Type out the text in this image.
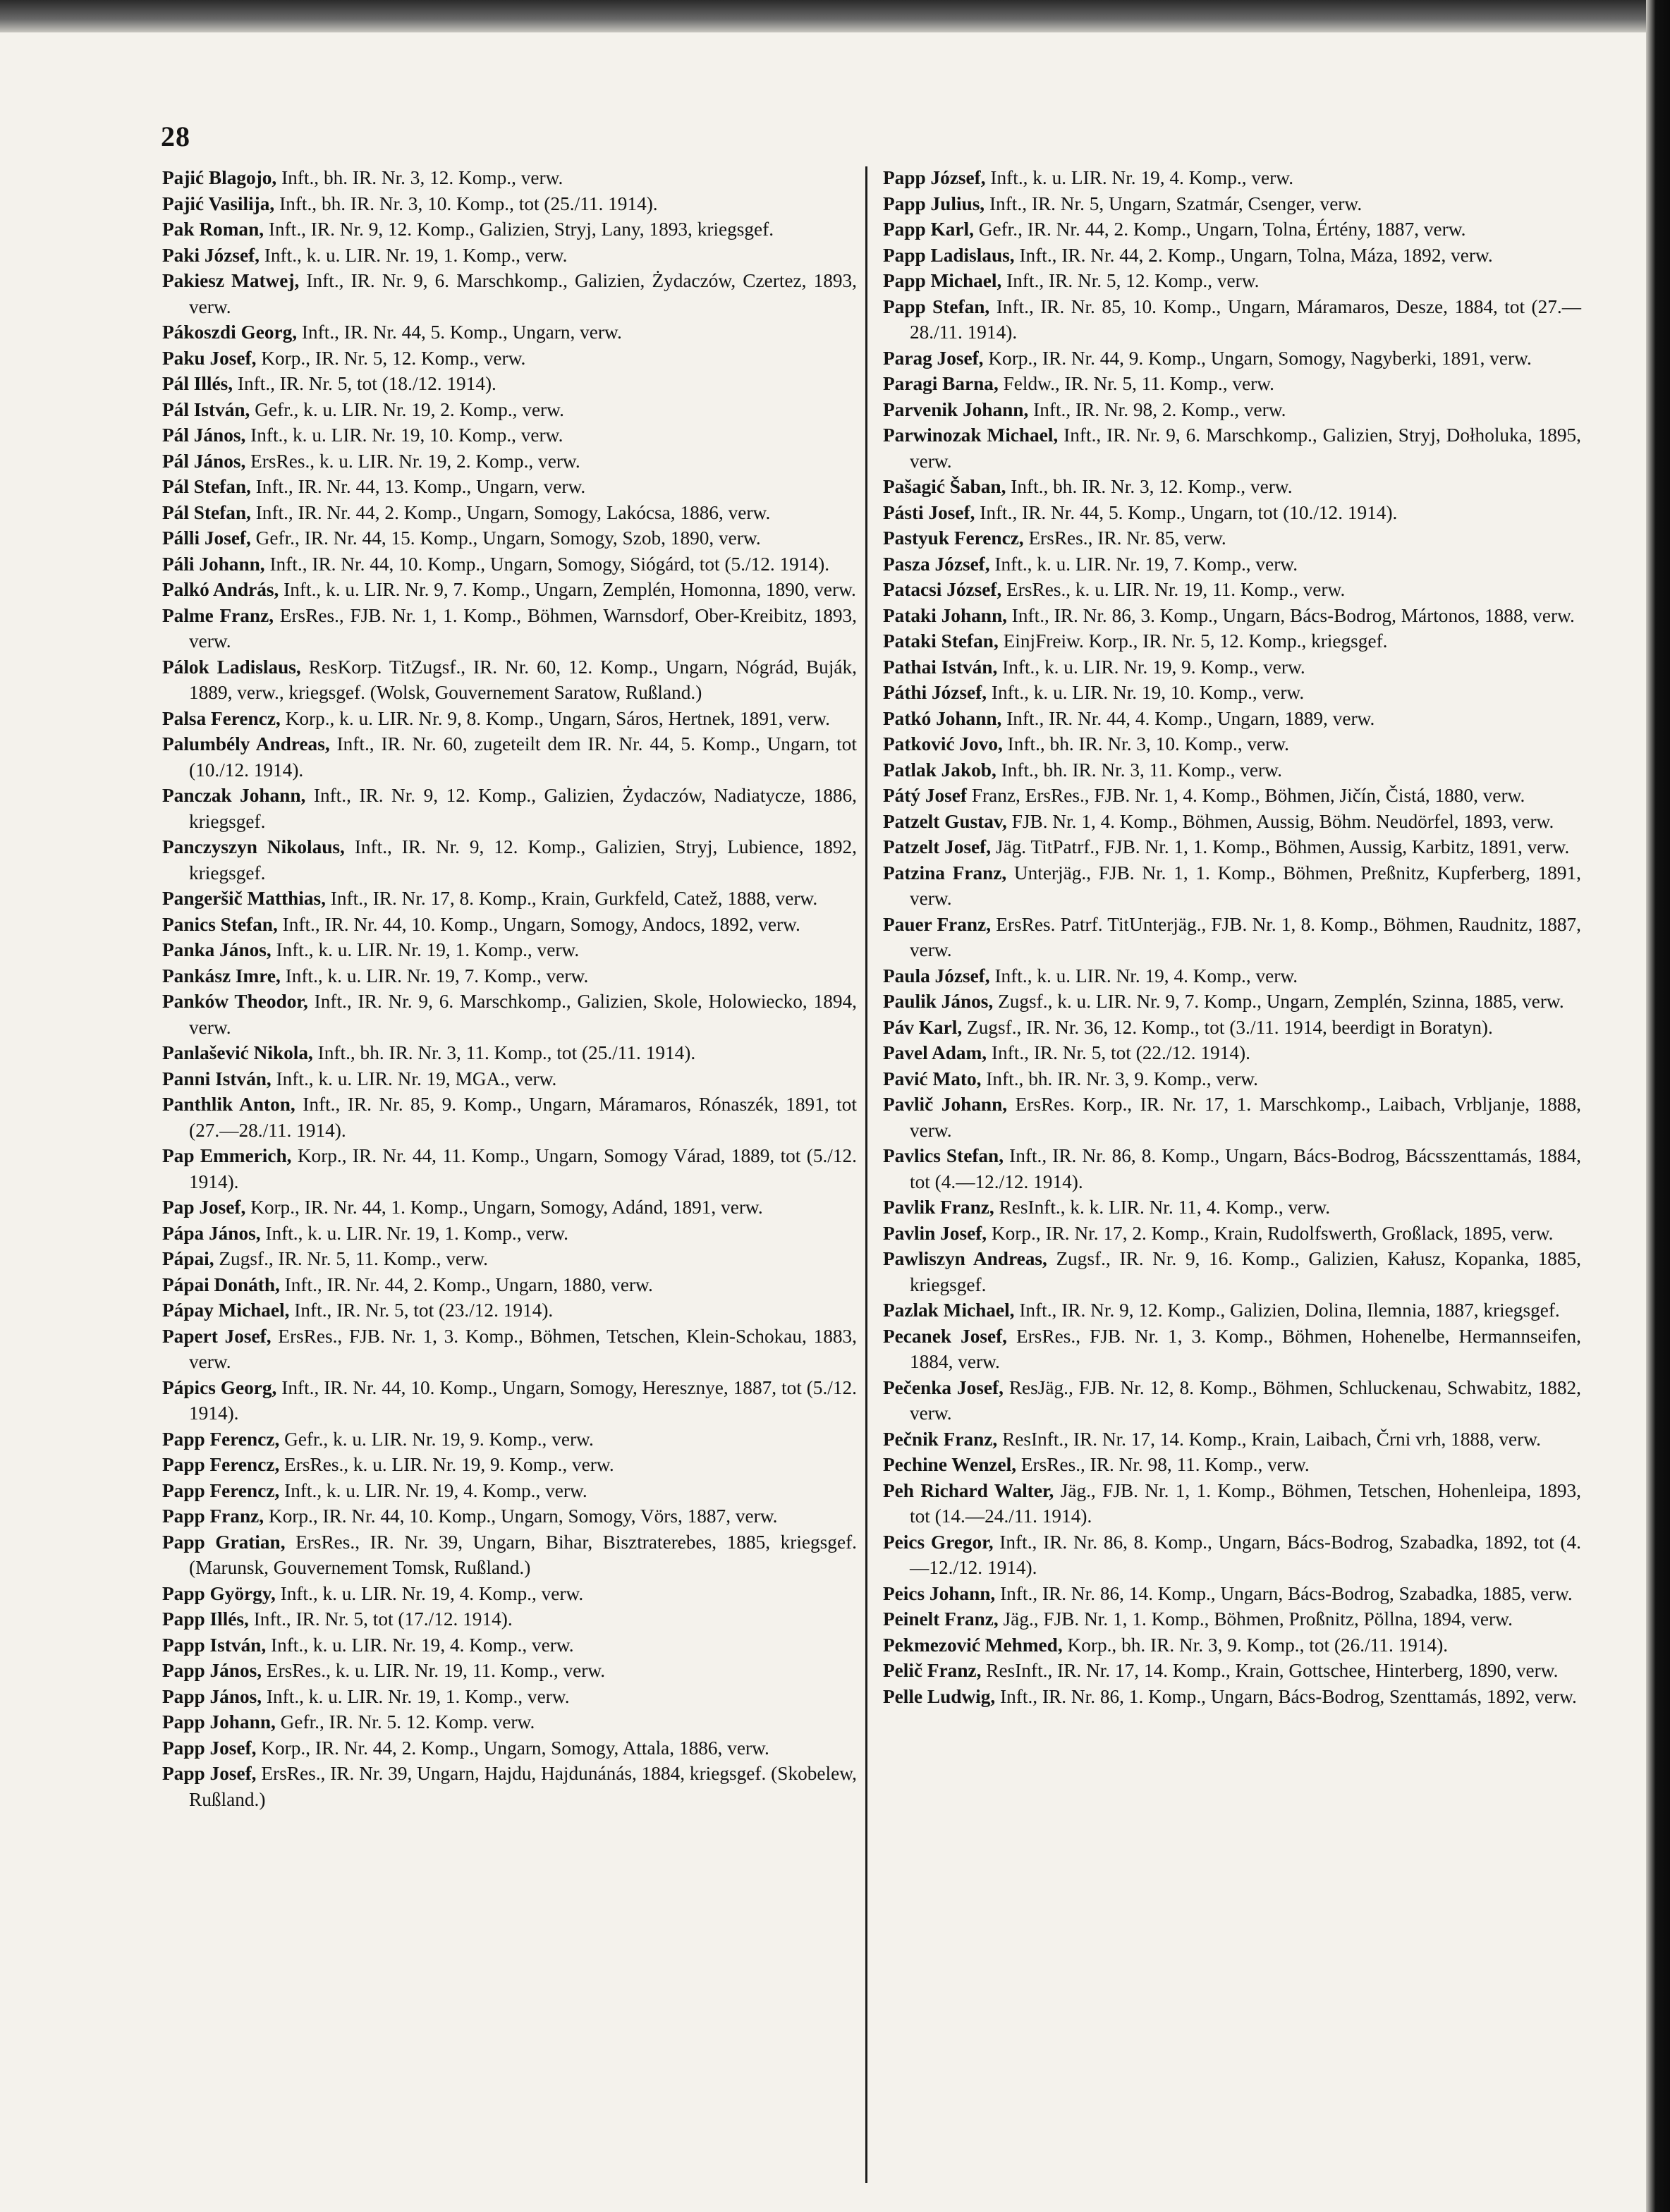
28
Pajić Blagojo, Inft., bh. IR. Nr. 3, 12. Komp., verw.
Pajić Vasilija, Inft., bh. IR. Nr. 3, 10. Komp., tot (25./11. 1914).
Pak Roman, Inft., IR. Nr. 9, 12. Komp., Galizien, Stryj, Lany, 1893, kriegsgef.
Paki József, Inft., k. u. LIR. Nr. 19, 1. Komp., verw.
Pakiesz Matwej, Inft., IR. Nr. 9, 6. Marschkomp., Galizien, Żydaczów, Czertez, 1893, verw.
Pákoszdi Georg, Inft., IR. Nr. 44, 5. Komp., Ungarn, verw.
Paku Josef, Korp., IR. Nr. 5, 12. Komp., verw.
Pál Illés, Inft., IR. Nr. 5, tot (18./12. 1914).
Pál István, Gefr., k. u. LIR. Nr. 19, 2. Komp., verw.
Pál János, Inft., k. u. LIR. Nr. 19, 10. Komp., verw.
Pál János, ErsRes., k. u. LIR. Nr. 19, 2. Komp., verw.
Pál Stefan, Inft., IR. Nr. 44, 13. Komp., Ungarn, verw.
Pál Stefan, Inft., IR. Nr. 44, 2. Komp., Ungarn, Somogy, Lakócsa, 1886, verw.
Pálli Josef, Gefr., IR. Nr. 44, 15. Komp., Ungarn, Somogy, Szob, 1890, verw.
Páli Johann, Inft., IR. Nr. 44, 10. Komp., Ungarn, Somogy, Siógárd, tot (5./12. 1914).
Palkó András, Inft., k. u. LIR. Nr. 9, 7. Komp., Ungarn, Zemplén, Homonna, 1890, verw.
Palme Franz, ErsRes., FJB. Nr. 1, 1. Komp., Böhmen, Warnsdorf, Ober-Kreibitz, 1893, verw.
Pálok Ladislaus, ResKorp. TitZugsf., IR. Nr. 60, 12. Komp., Ungarn, Nógrád, Buják, 1889, verw., kriegsgef. (Wolsk, Gouvernement Saratow, Rußland.)
Palsa Ferencz, Korp., k. u. LIR. Nr. 9, 8. Komp., Ungarn, Sáros, Hertnek, 1891, verw.
Palumbély Andreas, Inft., IR. Nr. 60, zugeteilt dem IR. Nr. 44, 5. Komp., Ungarn, tot (10./12. 1914).
Panczak Johann, Inft., IR. Nr. 9, 12. Komp., Galizien, Żydaczów, Nadiatycze, 1886, kriegsgef.
Panczyszyn Nikolaus, Inft., IR. Nr. 9, 12. Komp., Galizien, Stryj, Lubience, 1892, kriegsgef.
Pangeršič Matthias, Inft., IR. Nr. 17, 8. Komp., Krain, Gurkfeld, Catež, 1888, verw.
Panics Stefan, Inft., IR. Nr. 44, 10. Komp., Ungarn, Somogy, Andocs, 1892, verw.
Panka János, Inft., k. u. LIR. Nr. 19, 1. Komp., verw.
Pankász Imre, Inft., k. u. LIR. Nr. 19, 7. Komp., verw.
Panków Theodor, Inft., IR. Nr. 9, 6. Marschkomp., Galizien, Skole, Holowiecko, 1894, verw.
Panlašević Nikola, Inft., bh. IR. Nr. 3, 11. Komp., tot (25./11. 1914).
Panni István, Inft., k. u. LIR. Nr. 19, MGA., verw.
Panthlik Anton, Inft., IR. Nr. 85, 9. Komp., Ungarn, Máramaros, Rónaszék, 1891, tot (27.—28./11. 1914).
Pap Emmerich, Korp., IR. Nr. 44, 11. Komp., Ungarn, Somogy Várad, 1889, tot (5./12. 1914).
Pap Josef, Korp., IR. Nr. 44, 1. Komp., Ungarn, Somogy, Adánd, 1891, verw.
Pápa János, Inft., k. u. LIR. Nr. 19, 1. Komp., verw.
Pápai, Zugsf., IR. Nr. 5, 11. Komp., verw.
Pápai Donáth, Inft., IR. Nr. 44, 2. Komp., Ungarn, 1880, verw.
Pápay Michael, Inft., IR. Nr. 5, tot (23./12. 1914).
Papert Josef, ErsRes., FJB. Nr. 1, 3. Komp., Böhmen, Tetschen, Klein-Schokau, 1883, verw.
Pápics Georg, Inft., IR. Nr. 44, 10. Komp., Ungarn, Somogy, Heresznye, 1887, tot (5./12. 1914).
Papp Ferencz, Gefr., k. u. LIR. Nr. 19, 9. Komp., verw.
Papp Ferencz, ErsRes., k. u. LIR. Nr. 19, 9. Komp., verw.
Papp Ferencz, Inft., k. u. LIR. Nr. 19, 4. Komp., verw.
Papp Franz, Korp., IR. Nr. 44, 10. Komp., Ungarn, Somogy, Vörs, 1887, verw.
Papp Gratian, ErsRes., IR. Nr. 39, Ungarn, Bihar, Bisztraterebes, 1885, kriegsgef. (Marunsk, Gouvernement Tomsk, Rußland.)
Papp György, Inft., k. u. LIR. Nr. 19, 4. Komp., verw.
Papp Illés, Inft., IR. Nr. 5, tot (17./12. 1914).
Papp István, Inft., k. u. LIR. Nr. 19, 4. Komp., verw.
Papp János, ErsRes., k. u. LIR. Nr. 19, 11. Komp., verw.
Papp János, Inft., k. u. LIR. Nr. 19, 1. Komp., verw.
Papp Johann, Gefr., IR. Nr. 5. 12. Komp. verw.
Papp Josef, Korp., IR. Nr. 44, 2. Komp., Ungarn, Somogy, Attala, 1886, verw.
Papp Josef, ErsRes., IR. Nr. 39, Ungarn, Hajdu, Hajdunánás, 1884, kriegsgef. (Skobelew, Rußland.)
Papp József, Inft., k. u. LIR. Nr. 19, 4. Komp., verw.
Papp Julius, Inft., IR. Nr. 5, Ungarn, Szatmár, Csenger, verw.
Papp Karl, Gefr., IR. Nr. 44, 2. Komp., Ungarn, Tolna, Értény, 1887, verw.
Papp Ladislaus, Inft., IR. Nr. 44, 2. Komp., Ungarn, Tolna, Máza, 1892, verw.
Papp Michael, Inft., IR. Nr. 5, 12. Komp., verw.
Papp Stefan, Inft., IR. Nr. 85, 10. Komp., Ungarn, Máramaros, Desze, 1884, tot (27.—28./11. 1914).
Parag Josef, Korp., IR. Nr. 44, 9. Komp., Ungarn, Somogy, Nagyberki, 1891, verw.
Paragi Barna, Feldw., IR. Nr. 5, 11. Komp., verw.
Parvenik Johann, Inft., IR. Nr. 98, 2. Komp., verw.
Parwinozak Michael, Inft., IR. Nr. 9, 6. Marschkomp., Galizien, Stryj, Dołholuka, 1895, verw.
Pašagić Šaban, Inft., bh. IR. Nr. 3, 12. Komp., verw.
Pásti Josef, Inft., IR. Nr. 44, 5. Komp., Ungarn, tot (10./12. 1914).
Pastyuk Ferencz, ErsRes., IR. Nr. 85, verw.
Pasza József, Inft., k. u. LIR. Nr. 19, 7. Komp., verw.
Patacsi József, ErsRes., k. u. LIR. Nr. 19, 11. Komp., verw.
Pataki Johann, Inft., IR. Nr. 86, 3. Komp., Ungarn, Bács-Bodrog, Mártonos, 1888, verw.
Pataki Stefan, EinjFreiw. Korp., IR. Nr. 5, 12. Komp., kriegsgef.
Pathai István, Inft., k. u. LIR. Nr. 19, 9. Komp., verw.
Páthi József, Inft., k. u. LIR. Nr. 19, 10. Komp., verw.
Patkó Johann, Inft., IR. Nr. 44, 4. Komp., Ungarn, 1889, verw.
Patković Jovo, Inft., bh. IR. Nr. 3, 10. Komp., verw.
Patlak Jakob, Inft., bh. IR. Nr. 3, 11. Komp., verw.
Pátý Josef Franz, ErsRes., FJB. Nr. 1, 4. Komp., Böhmen, Jičín, Čistá, 1880, verw.
Patzelt Gustav, FJB. Nr. 1, 4. Komp., Böhmen, Aussig, Böhm. Neudörfel, 1893, verw.
Patzelt Josef, Jäg. TitPatrf., FJB. Nr. 1, 1. Komp., Böhmen, Aussig, Karbitz, 1891, verw.
Patzina Franz, Unterjäg., FJB. Nr. 1, 1. Komp., Böhmen, Preßnitz, Kupferberg, 1891, verw.
Pauer Franz, ErsRes. Patrf. TitUnterjäg., FJB. Nr. 1, 8. Komp., Böhmen, Raudnitz, 1887, verw.
Paula József, Inft., k. u. LIR. Nr. 19, 4. Komp., verw.
Paulik János, Zugsf., k. u. LIR. Nr. 9, 7. Komp., Ungarn, Zemplén, Szinna, 1885, verw.
Páv Karl, Zugsf., IR. Nr. 36, 12. Komp., tot (3./11. 1914, beerdigt in Boratyn).
Pavel Adam, Inft., IR. Nr. 5, tot (22./12. 1914).
Pavić Mato, Inft., bh. IR. Nr. 3, 9. Komp., verw.
Pavlič Johann, ErsRes. Korp., IR. Nr. 17, 1. Marschkomp., Laibach, Vrbljanje, 1888, verw.
Pavlics Stefan, Inft., IR. Nr. 86, 8. Komp., Ungarn, Bács-Bodrog, Bácsszenttamás, 1884, tot (4.—12./12. 1914).
Pavlik Franz, ResInft., k. k. LIR. Nr. 11, 4. Komp., verw.
Pavlin Josef, Korp., IR. Nr. 17, 2. Komp., Krain, Rudolfswerth, Großlack, 1895, verw.
Pawliszyn Andreas, Zugsf., IR. Nr. 9, 16. Komp., Galizien, Kałusz, Kopanka, 1885, kriegsgef.
Pazlak Michael, Inft., IR. Nr. 9, 12. Komp., Galizien, Dolina, Ilemnia, 1887, kriegsgef.
Pecanek Josef, ErsRes., FJB. Nr. 1, 3. Komp., Böhmen, Hohenelbe, Hermannseifen, 1884, verw.
Pečenka Josef, ResJäg., FJB. Nr. 12, 8. Komp., Böhmen, Schluckenau, Schwabitz, 1882, verw.
Pečnik Franz, ResInft., IR. Nr. 17, 14. Komp., Krain, Laibach, Črni vrh, 1888, verw.
Pechine Wenzel, ErsRes., IR. Nr. 98, 11. Komp., verw.
Peh Richard Walter, Jäg., FJB. Nr. 1, 1. Komp., Böhmen, Tetschen, Hohenleipa, 1893, tot (14.—24./11. 1914).
Peics Gregor, Inft., IR. Nr. 86, 8. Komp., Ungarn, Bács-Bodrog, Szabadka, 1892, tot (4.—12./12. 1914).
Peics Johann, Inft., IR. Nr. 86, 14. Komp., Ungarn, Bács-Bodrog, Szabadka, 1885, verw.
Peinelt Franz, Jäg., FJB. Nr. 1, 1. Komp., Böhmen, Proßnitz, Pöllna, 1894, verw.
Pekmezović Mehmed, Korp., bh. IR. Nr. 3, 9. Komp., tot (26./11. 1914).
Pelič Franz, ResInft., IR. Nr. 17, 14. Komp., Krain, Gottschee, Hinterberg, 1890, verw.
Pelle Ludwig, Inft., IR. Nr. 86, 1. Komp., Ungarn, Bács-Bodrog, Szenttamás, 1892, verw.
